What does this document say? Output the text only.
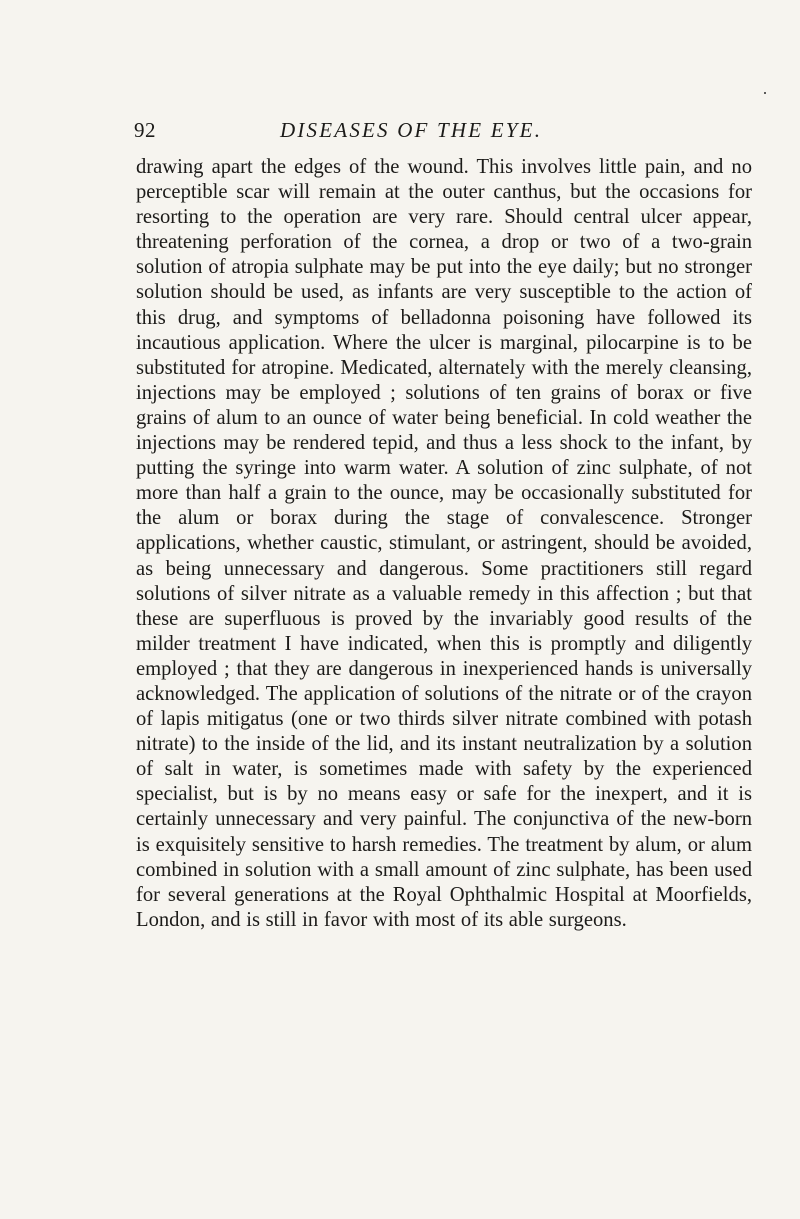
92	DISEASES OF THE EYE.

drawing apart the edges of the wound. This involves little pain, and no perceptible scar will remain at the outer canthus, but the occasions for resorting to the operation are very rare. Should central ulcer appear, threatening perforation of the cornea, a drop or two of a two-grain solution of atropia sulphate may be put into the eye daily; but no stronger solution should be used, as infants are very susceptible to the action of this drug, and symptoms of belladonna poisoning have followed its incautious application. Where the ulcer is marginal, pilocarpine is to be substituted for atropine. Medicated, alternately with the merely cleansing, injections may be employed ; solutions of ten grains of borax or five grains of alum to an ounce of water being beneficial. In cold weather the injections may be rendered tepid, and thus a less shock to the infant, by putting the syringe into warm water. A solution of zinc sulphate, of not more than half a grain to the ounce, may be occasionally substituted for the alum or borax during the stage of convalescence. Stronger applications, whether caustic, stimulant, or astringent, should be avoided, as being unnecessary and dangerous. Some practitioners still regard solutions of silver nitrate as a valuable remedy in this affection ; but that these are superfluous is proved by the invariably good results of the milder treatment I have indicated, when this is promptly and diligently employed ; that they are dangerous in inexperienced hands is universally acknowledged. The application of solutions of the nitrate or of the crayon of lapis mitigatus (one or two thirds silver nitrate combined with potash nitrate) to the inside of the lid, and its instant neutralization by a solution of salt in water, is sometimes made with safety by the experienced specialist, but is by no means easy or safe for the inexpert, and it is certainly unnecessary and very painful. The conjunctiva of the new-born is exquisitely sensitive to harsh remedies. The treatment by alum, or alum combined in solution with a small amount of zinc sulphate, has been used for several generations at the Royal Ophthalmic Hospital at Moorfields, London, and is still in favor with most of its able surgeons.
